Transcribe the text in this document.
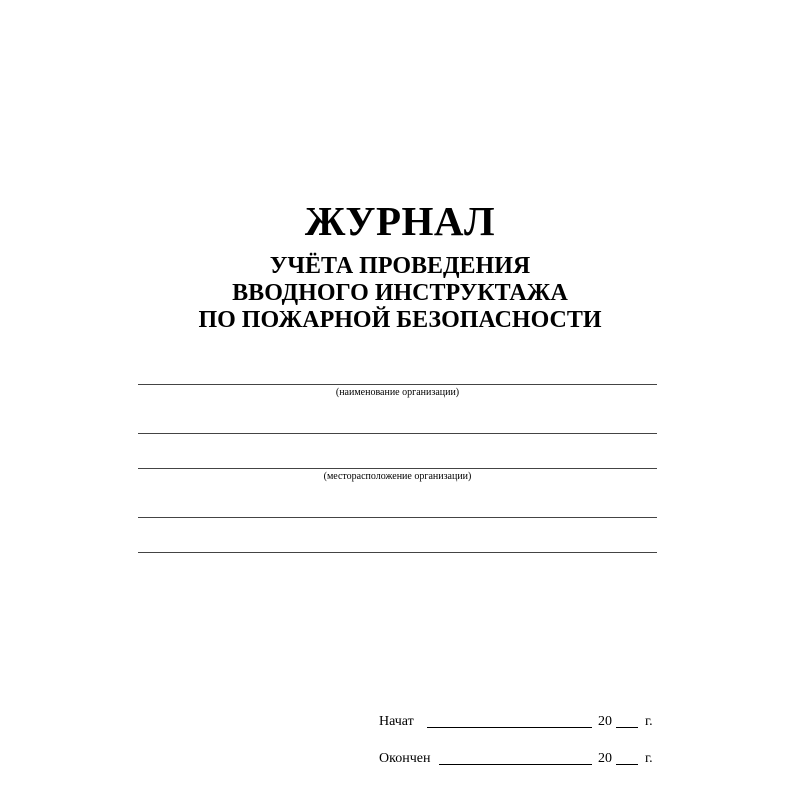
ЖУРНАЛ
УЧЁТА ПРОВЕДЕНИЯ
ВВОДНОГО ИНСТРУКТАЖА
ПО ПОЖАРНОЙ БЕЗОПАСНОСТИ
(наименование организации)
(месторасположение организации)
Начат	20 г.
Окончен	20 г.
